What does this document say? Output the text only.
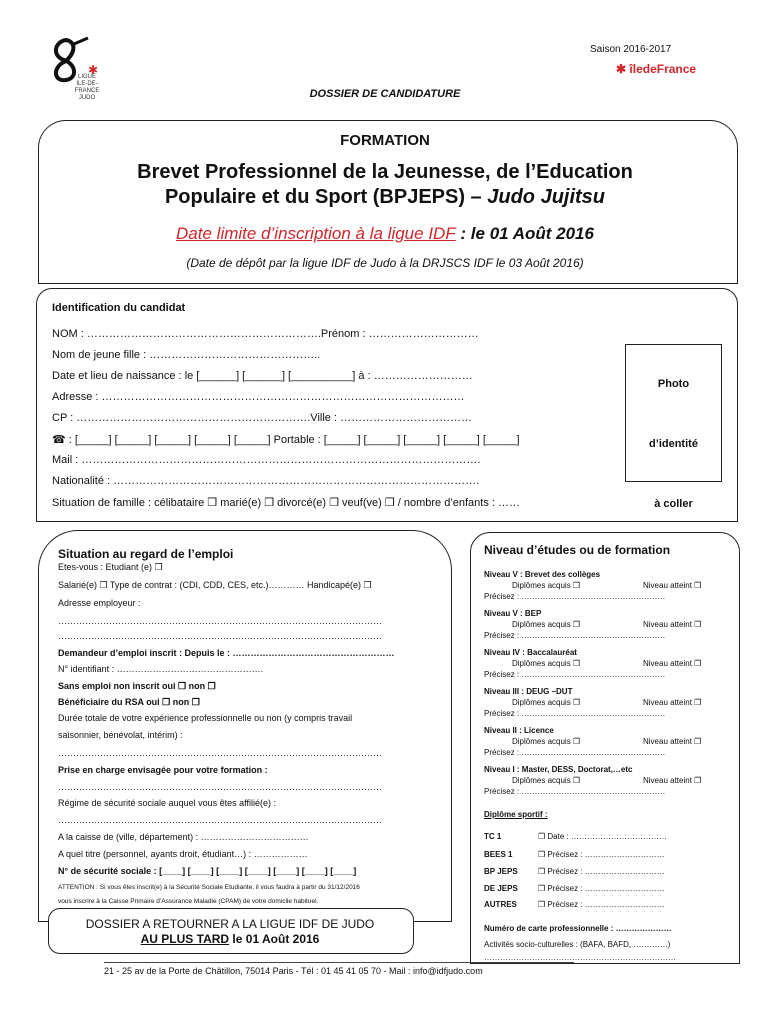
✱
LIGUE
ILE-DE-FRANCE
JUDO
Saison 2016-2017
✱ îledeFrance
DOSSIER DE CANDIDATURE
FORMATION
Brevet Professionnel de la Jeunesse, de l’Education
Populaire et du Sport (BPJEPS) – Judo Jujitsu
Date limite d’inscription à la ligue IDF : le 01 Août 2016
(Date de dépôt par la ligue IDF de Judo à la DRJSCS IDF le 03 Août 2016)
Identification du candidat
NOM : ……………………………………………………….Prénom : …………………………
Nom de jeune fille : ………………………………………..
Date et lieu de naissance : le [______] [______] [__________] à : ………………………
Adresse : ………………………………………………………………………………………
CP : ……………………………………………………….Ville : ………………………………
☎ : [_____] [_____] [_____] [_____] [_____] Portable : [_____] [_____] [_____] [_____] [_____]
Mail : ……………………………………………………………………………………………….
Nationalité : ……………………………………………………………………………………….
Situation de famille : célibataire ❒ marié(e) ❒ divorcé(e) ❒ veuf(ve) ❒ / nombre d’enfants : ……
Photo

d’identité

à coller
Situation au regard de l’emploi
Etes-vous : Etudiant (e) ❒
Salarié(e) ❒ Type de contrat : (CDI, CDD, CES, etc.)………… Handicapé(e) ❒
Adresse employeur :
………………………………………………………………………………………………
………………………………………………………………………………………………
Demandeur d’emploi inscrit : Depuis le : ………………………………………………
N° identifiant : ………………………………………….
Sans emploi non inscrit oui ❒ non ❒
Bénéficiaire du RSA oui ❒ non ❒
Durée totale de votre expérience professionnelle ou non (y compris travail
saisonnier, bénévolat, intérim) :
………………………………………………………………………………………………
Prise en charge envisagée pour votre formation :
………………………………………………………………………………………………
Régime de sécurité sociale auquel vous êtes affilié(e) :
………………………………………………………………………………………………
A la caisse de (ville, département) : ………………………………
A quel titre (personnel, ayants droit, étudiant…) : ………………
N° de sécurité sociale : [____] [____] [____] [____] [____] [____] [____]
ATTENTION : Si vous êtes inscrit(e) à la Sécurité Sociale Etudiante, il vous faudra à partir du 31/12/2016
vous inscrire à la Caisse Primaire d’Assurance Maladie (CPAM) de votre domicile habituel.
Niveau d’études ou de formation
Niveau V : Brevet des collèges
Diplômes acquis ❒	Niveau atteint ❒
Précisez : ………………………………………………
Niveau V : BEP
Diplômes acquis ❒	Niveau atteint ❒
Précisez : ………………………………………………
Niveau IV : Baccalauréat
Diplômes acquis ❒	Niveau atteint ❒
Précisez : ………………………………………………
Niveau III : DEUG –DUT
Diplômes acquis ❒	Niveau atteint ❒
Précisez : ………………………………………………
Niveau II : Licence
Diplômes acquis ❒	Niveau atteint ❒
Précisez : ………………………………………………
Niveau I : Master, DESS, Doctorat,…etc
Diplômes acquis ❒	Niveau atteint ❒
Précisez : ………………………………………………
Diplôme sportif :
TC 1	❒ Date : ………………………………
BEES 1	❒ Précisez : …………………………
BP JEPS	❒ Précisez : …………………………
DE JEPS	❒ Précisez : …………………………
AUTRES	❒ Précisez : …………………………
Numéro de carte professionnelle : …………………
Activités socio-culturelles : (BAFA, BAFD, ………….)
………………………………………………………………
DOSSIER A RETOURNER A LA LIGUE IDF DE JUDO
AU PLUS TARD le 01 Août 2016
21 - 25 av de la Porte de Châtillon, 75014 Paris - Tél : 01 45 41 05 70 - Mail : info@idfjudo.com
